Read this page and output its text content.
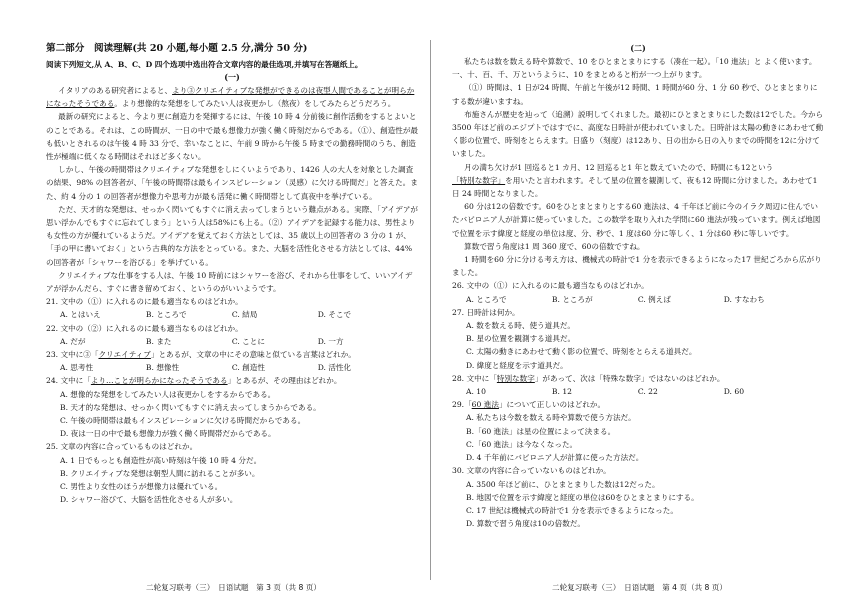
第二部分　阅读理解(共 20 小题,每小题 2.5 分,满分 50 分)

阅读下列短文,从 A、B、C、D 四个选项中选出符合文章内容的最佳选项,并填写在答题纸上。

(一)

イタリアのある研究者によると、より③クリエイティブな発想ができるのは夜型人間であることが明らかになったそうである。より想像的な発想をしてみたい人は夜更かし（熬夜）をしてみたらどうだろう。

最新の研究によると、今より更に創造力を発揮するには、午後 10 時 4 分前後に創作活動をするとよいとのことである。それは、この時間が、一日の中で最も想像力が強く働く時刻だからである。（①）、創造性が最も低いとされるのは午後 4 時 33 分で、幸いなことに、午前 9 時から午後 5 時までの勤務時間のうち、創造性が極端に低くなる時間はそれほど多くない。

しかし、午後の時間帯はクリエイティブな発想をしにくいようであり、1426 人の大人を対象とした調査の結果、98% の回答者が、「午後の時間帯は最もインスピレーション（灵感）に欠ける時間だ」と答えた。また、約 4 分の 1 の回答者が想像力や思考力が最も活発に働く時間帯として真夜中を挙げている。

ただ、天才的な発想は、せっかく閃いてもすぐに消え去ってしまうという難点がある。実際、「アイデアが思い浮かんでもすぐに忘れてしまう」という人は58%にも上る。（②）アイデアを記録する能力は、男性よりも女性の方が優れているようだ。アイデアを覚えておく方法としては、35 歳以上の回答者の 3 分の 1 が、「手の甲に書いておく」という古典的な方法をとっている。また、大脳を活性化させる方法としては、44% の回答者が「シャワーを浴びる」を挙げている。

クリエイティブな仕事をする人は、午後 10 時前にはシャワーを浴び、それから仕事をして、いいアイデアが浮かんだら、すぐに書き留めておく、というのがいいようです。

21. 文中の（①）に入れるのに最も適当なものはどれか。

A. とはいえ	B. ところで	C. 結局	D. そこで

22. 文中の（②）に入れるのに最も適当なものはどれか。

A. だが	B. また	C. ことに	D. 一方

23. 文中に③「クリエイティブ」とあるが、文章の中にその意味と似ている言葉はどれか。

A. 思考性	B. 想像性	C. 創造性	D. 活性化

24. 文中に「より…ことが明らかになったそうである」とあるが、その理由はどれか。

A. 想像的な発想をしてみたい人は夜更かしをするからである。

B. 天才的な発想は、せっかく閃いてもすぐに消え去ってしまうからである。

C. 午後の時間帯は最もインスピレーションに欠ける時間だからである。

D. 夜は一日の中で最も想像力が強く働く時間帯だからである。

25. 文章の内容に合っているものはどれか。

A. 1 日でもっとも創造性が高い時刻は午後 10 時 4 分だ。

B. クリエイティブな発想は朝型人間に訪れることが多い。

C. 男性より女性のほうが想像力は優れている。

D. シャワー浴びて、大脳を活性化させる人が多い。

(二)

私たちは数を数える時や算数で、10 をひとまとまりにする（凑在一起）。「10 進法」と よく使います。一、十、百、千、万というように、10 をまとめると桁が一つ上がります。

（①）時間は、1 日が24 時間、午前と午後が12 時間、1 時間が60 分、1 分 60 秒で、ひとまとまりにする数が違いますね。

布施さんが歴史を辿って（追溯）説明してくれました。最初にひとまとまりにした数は12でした。今から3500 年ほど前のエジプトではすでに、高度な日時計が使われていました。日時計は太陽の動きにあわせて動く影の位置で、時刻をとらえます。日盛り（刻度）は12あり、日の出から日の入りまでの時間を12に分けていました。

月の満ち欠けが1 回巡ると1 カ月、12 回巡ると1 年と数えていたので、時間にも12という「特別な数字」を用いたと言われます。そして星の位置を観測して、夜も12 時間に分けました。あわせて1 日 24 時間となりました。

60 分は12の倍数です。60をひとまとまりとする60 進法は、4 千年ほど前に今のイラク周辺に住んでいたバビロニア人が計算に使っていました。この数学を取り入れた学問に60 進法が残っています。例えば地図で位置を示す緯度と経度の単位は度、分、秒で、1 度は60 分に等しく、1 分は60 秒に等しいです。

算数で習う角度は1 周 360 度で、60の倍数ですね。

1 時間を60 分に分ける考え方は、機械式の時計で1 分を表示できるようになった17 世紀ごろから広がりました。

26. 文中の（①）に入れるのに最も適当なものはどれか。

A. ところで	B. ところが	C. 例えば	D. すなわち

27. 日時計は何か。

A. 数を数える時、使う道具だ。

B. 星の位置を観測する道具だ。

C. 太陽の動きにあわせて動く影の位置で、時刻をとらえる道具だ。

D. 緯度と経度を示す道具だ。

28. 文中に「特別な数字」があって、次は「特殊な数字」ではないのはどれか。

A. 10	B. 12	C. 22	D. 60

29.「60 進法」について正しいのはどれか。

A. 私たちは今数を数える時や算数で使う方法だ。

B.「60 進法」は星の位置によって決まる。

C.「60 進法」は今なくなった。

D. 4 千年前にバビロニア人が計算に使った方法だ。

30. 文章の内容に合っていないものはどれか。

A. 3500 年ほど前に、ひとまとまりした数は12だった。

B. 地図で位置を示す緯度と経度の単位は60をひとまとまりにする。

C. 17 世紀は機械式の時計で1 分を表示できるようになった。

D. 算数で習う角度は10の倍数だ。

二轮复习联考（三）　日语试题　第 3 页（共 8 页）	二轮复习联考（三）　日语试题　第 4 页（共 8 页）
